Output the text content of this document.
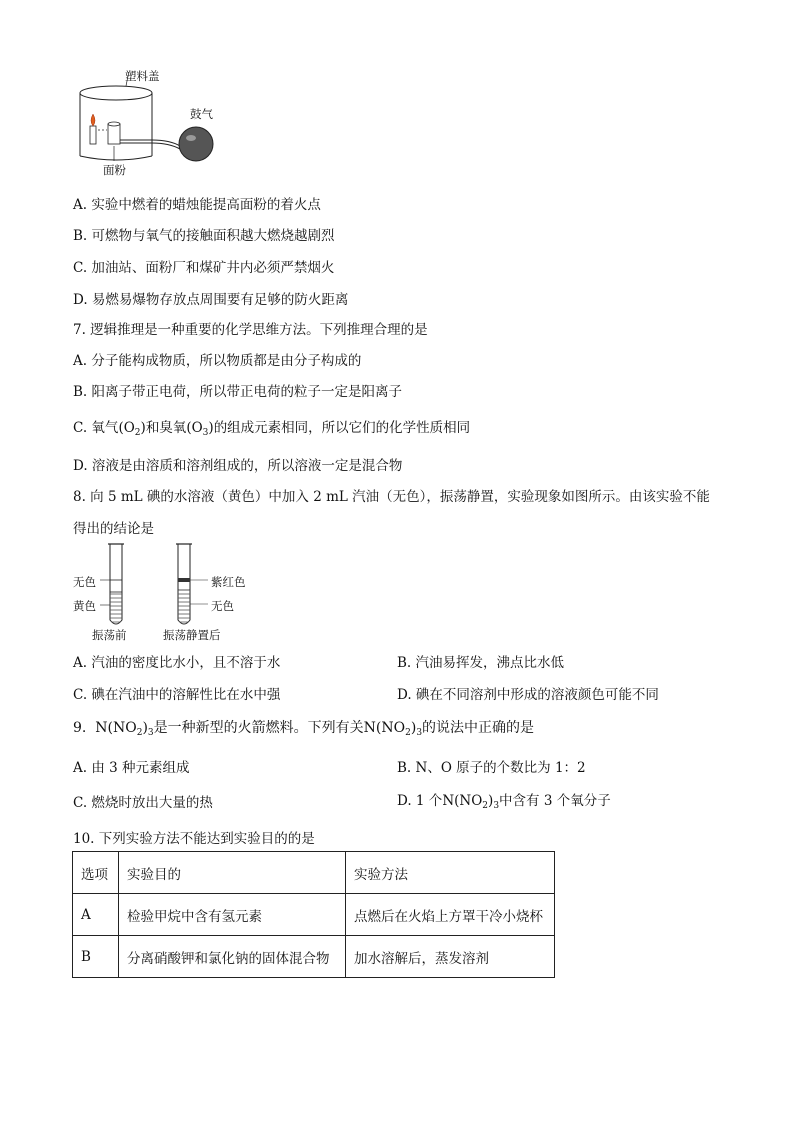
塑料盖
鼓气
面粉
A. 实验中燃着的蜡烛能提高面粉的着火点
B. 可燃物与氧气的接触面积越大燃烧越剧烈
C. 加油站、面粉厂和煤矿井内必须严禁烟火
D. 易燃易爆物存放点周围要有足够的防火距离
7. 逻辑推理是一种重要的化学思维方法。下列推理合理的是
A. 分子能构成物质，所以物质都是由分子构成的
B. 阳离子带正电荷，所以带正电荷的粒子一定是阳离子
C. 氧气$(O_2)$和臭氧$(O_3)$的组成元素相同，所以它们的化学性质相同
D. 溶液是由溶质和溶剂组成的，所以溶液一定是混合物
8. 向 5 mL 碘的水溶液（黄色）中加入 2 mL 汽油（无色），振荡静置，实验现象如图所示。由该实验不能
得出的结论是
无色
黄色
振荡前
紫红色
无色
振荡静置后
A. 汽油的密度比水小，且不溶于水	B. 汽油易挥发，沸点比水低
C. 碘在汽油中的溶解性比在水中强	D. 碘在不同溶剂中形成的溶液颜色可能不同
9. $N(NO_2)_3$是一种新型的火箭燃料。下列有关$N(NO_2)_3$的说法中正确的是
A. 由 3 种元素组成	B. N、O 原子的个数比为 1：2
C. 燃烧时放出大量的热	D. 1 个$N(NO_2)_3$中含有 3 个氧分子
10. 下列实验方法不能达到实验目的的是
选项	实验目的	实验方法
A	检验甲烷中含有氢元素	点燃后在火焰上方罩干冷小烧杯
B	分离硝酸钾和氯化钠的固体混合物	加水溶解后，蒸发溶剂
